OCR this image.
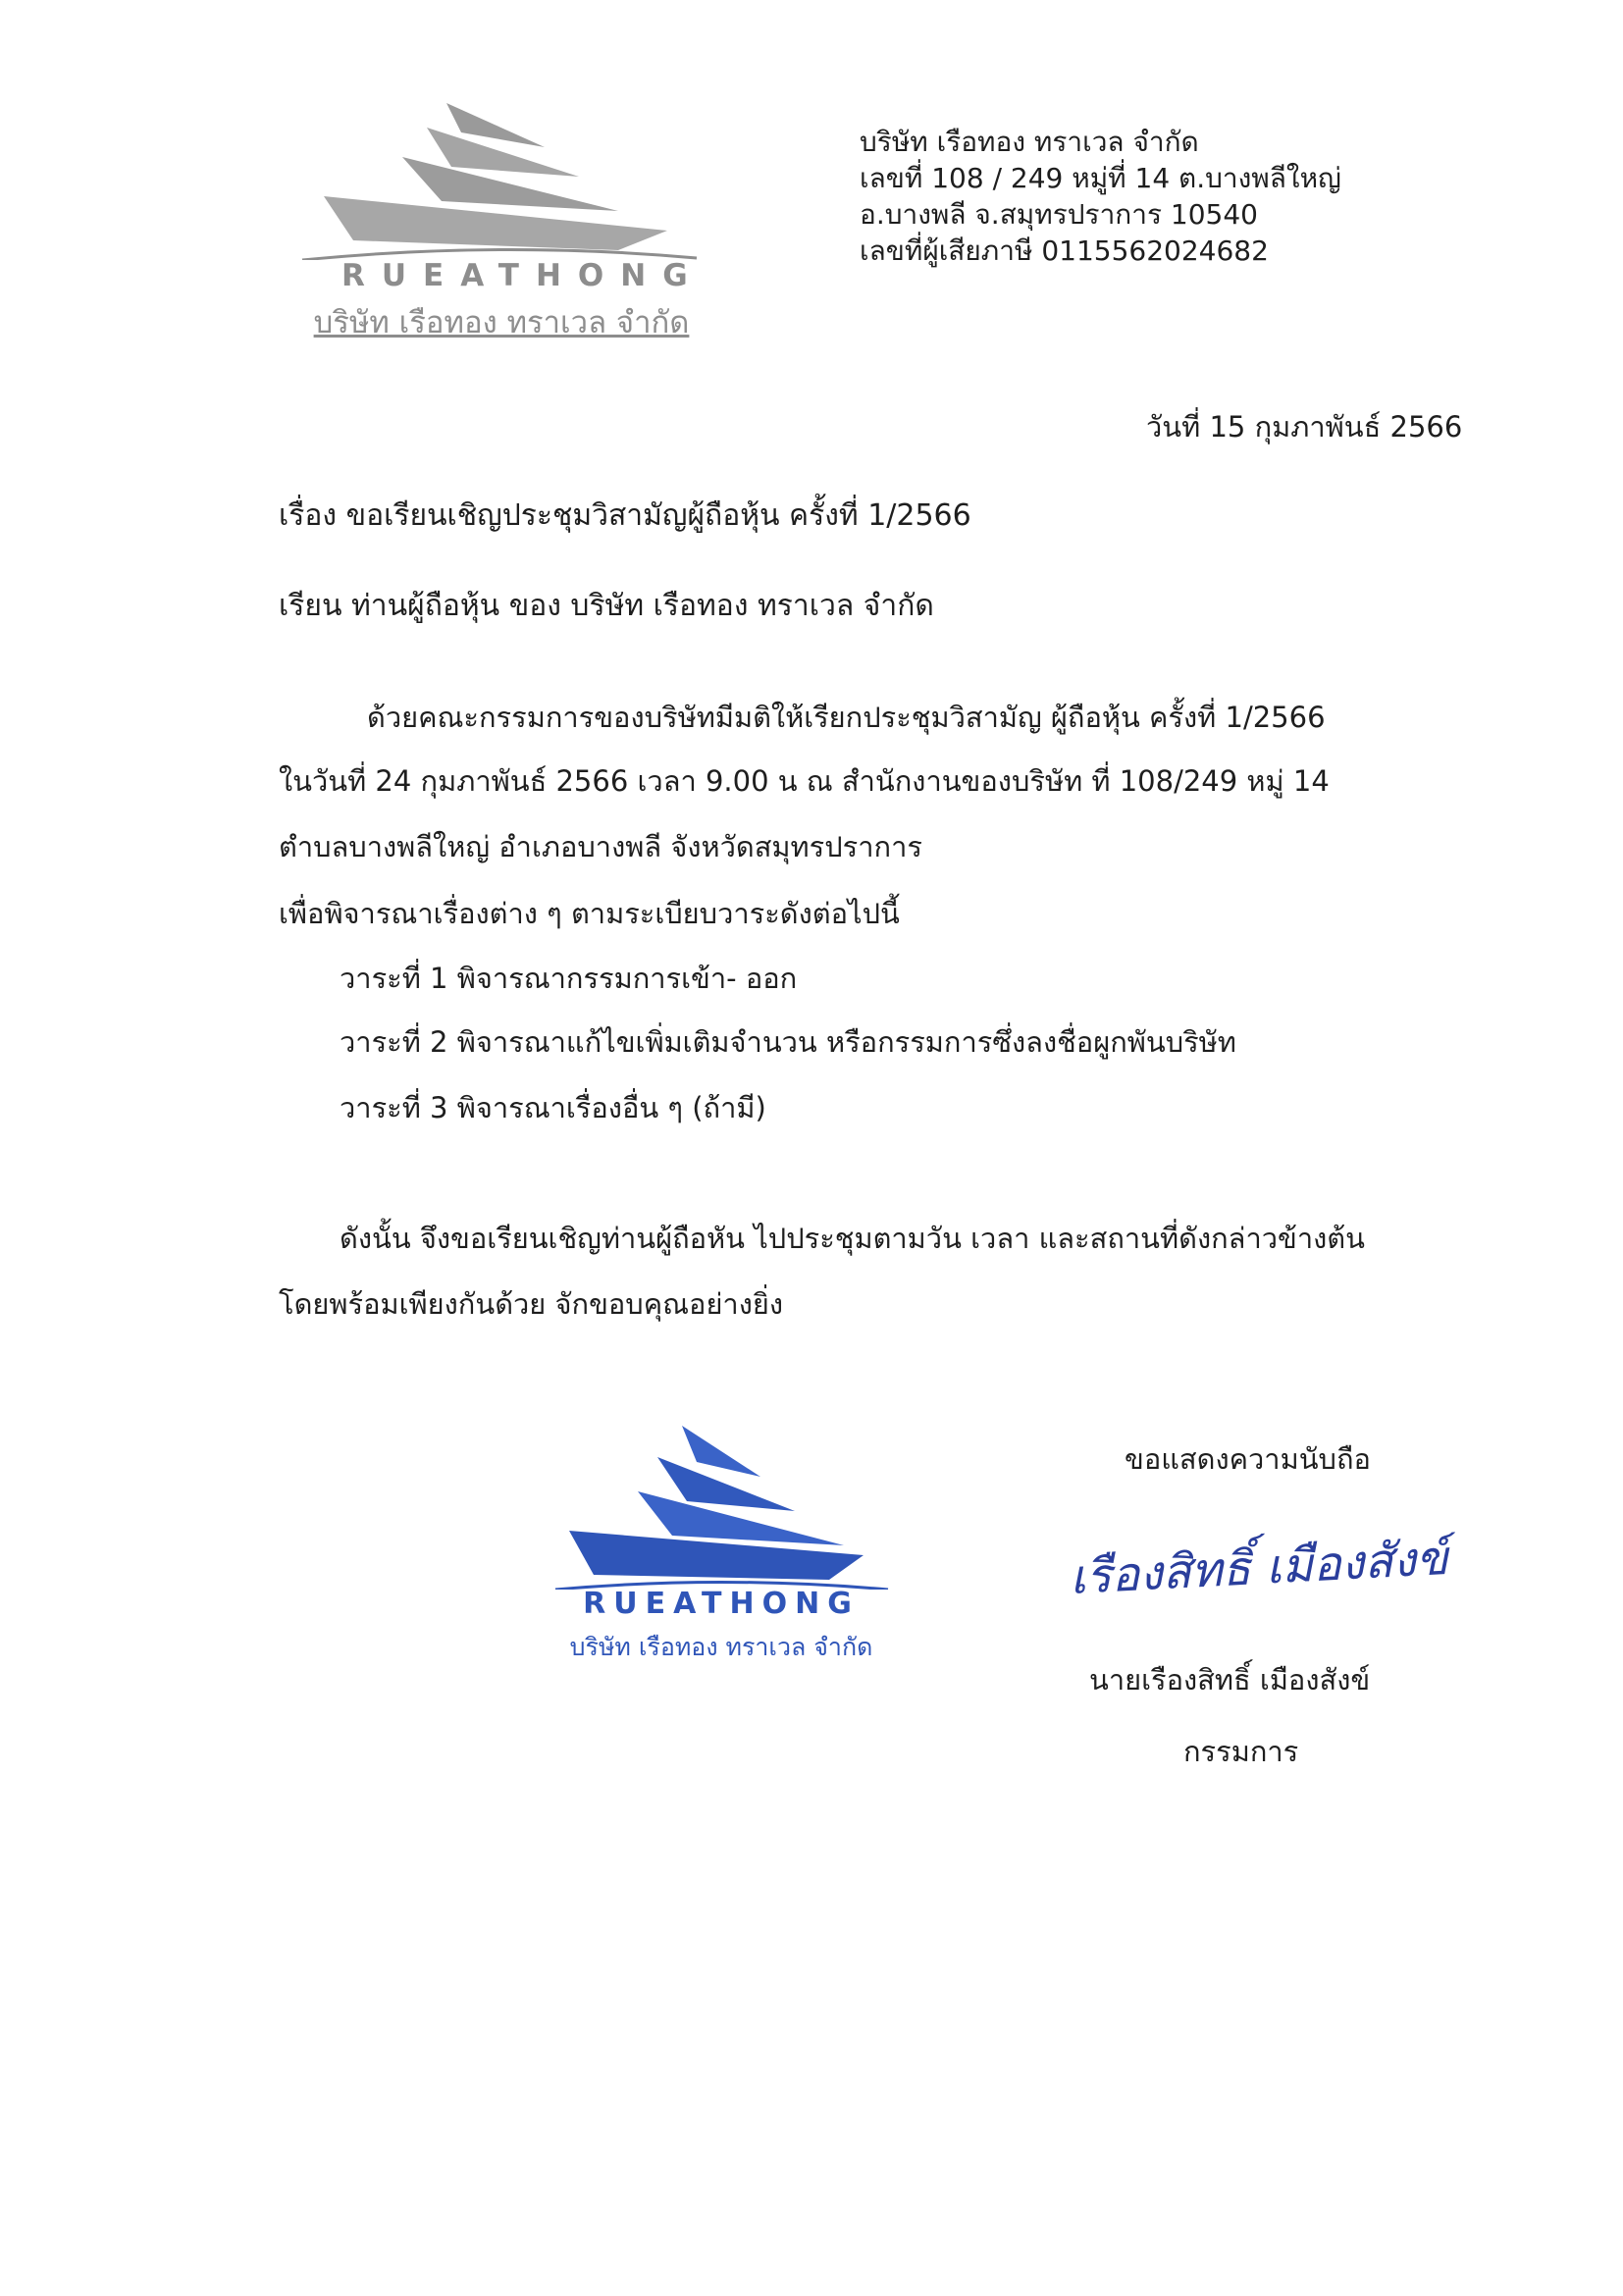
RUEATHONG
บริษัท เรือทอง ทราเวล จำกัด
บริษัท เรือทอง ทราเวล จำกัด
เลขที่ 108 / 249 หมู่ที่ 14 ต.บางพลีใหญ่
อ.บางพลี จ.สมุทรปราการ 10540
เลขที่ผู้เสียภาษี 0115562024682
วันที่ 15 กุมภาพันธ์ 2566
เรื่อง ขอเรียนเชิญประชุมวิสามัญผู้ถือหุ้น ครั้งที่ 1/2566
เรียน ท่านผู้ถือหุ้น ของ บริษัท เรือทอง ทราเวล จำกัด
ด้วยคณะกรรมการของบริษัทมีมติให้เรียกประชุมวิสามัญ ผู้ถือหุ้น ครั้งที่ 1/2566
ในวันที่ 24 กุมภาพันธ์ 2566 เวลา 9.00 น ณ สำนักงานของบริษัท ที่ 108/249 หมู่ 14
ตำบลบางพลีใหญ่ อำเภอบางพลี จังหวัดสมุทรปราการ
เพื่อพิจารณาเรื่องต่าง ๆ ตามระเบียบวาระดังต่อไปนี้
วาระที่ 1 พิจารณากรรมการเข้า- ออก
วาระที่ 2 พิจารณาแก้ไขเพิ่มเติมจำนวน หรือกรรมการซึ่งลงชื่อผูกพันบริษัท
วาระที่ 3 พิจารณาเรื่องอื่น ๆ (ถ้ามี)
ดังนั้น จึงขอเรียนเชิญท่านผู้ถือหัน ไปประชุมตามวัน เวลา และสถานที่ดังกล่าวข้างต้น
โดยพร้อมเพียงกันด้วย จักขอบคุณอย่างยิ่ง
RUEATHONG
บริษัท เรือทอง ทราเวล จำกัด
ขอแสดงความนับถือ
เรืองสิทธิ์ เมืองสังข์
นายเรืองสิทธิ์ เมืองสังข์
กรรมการ
